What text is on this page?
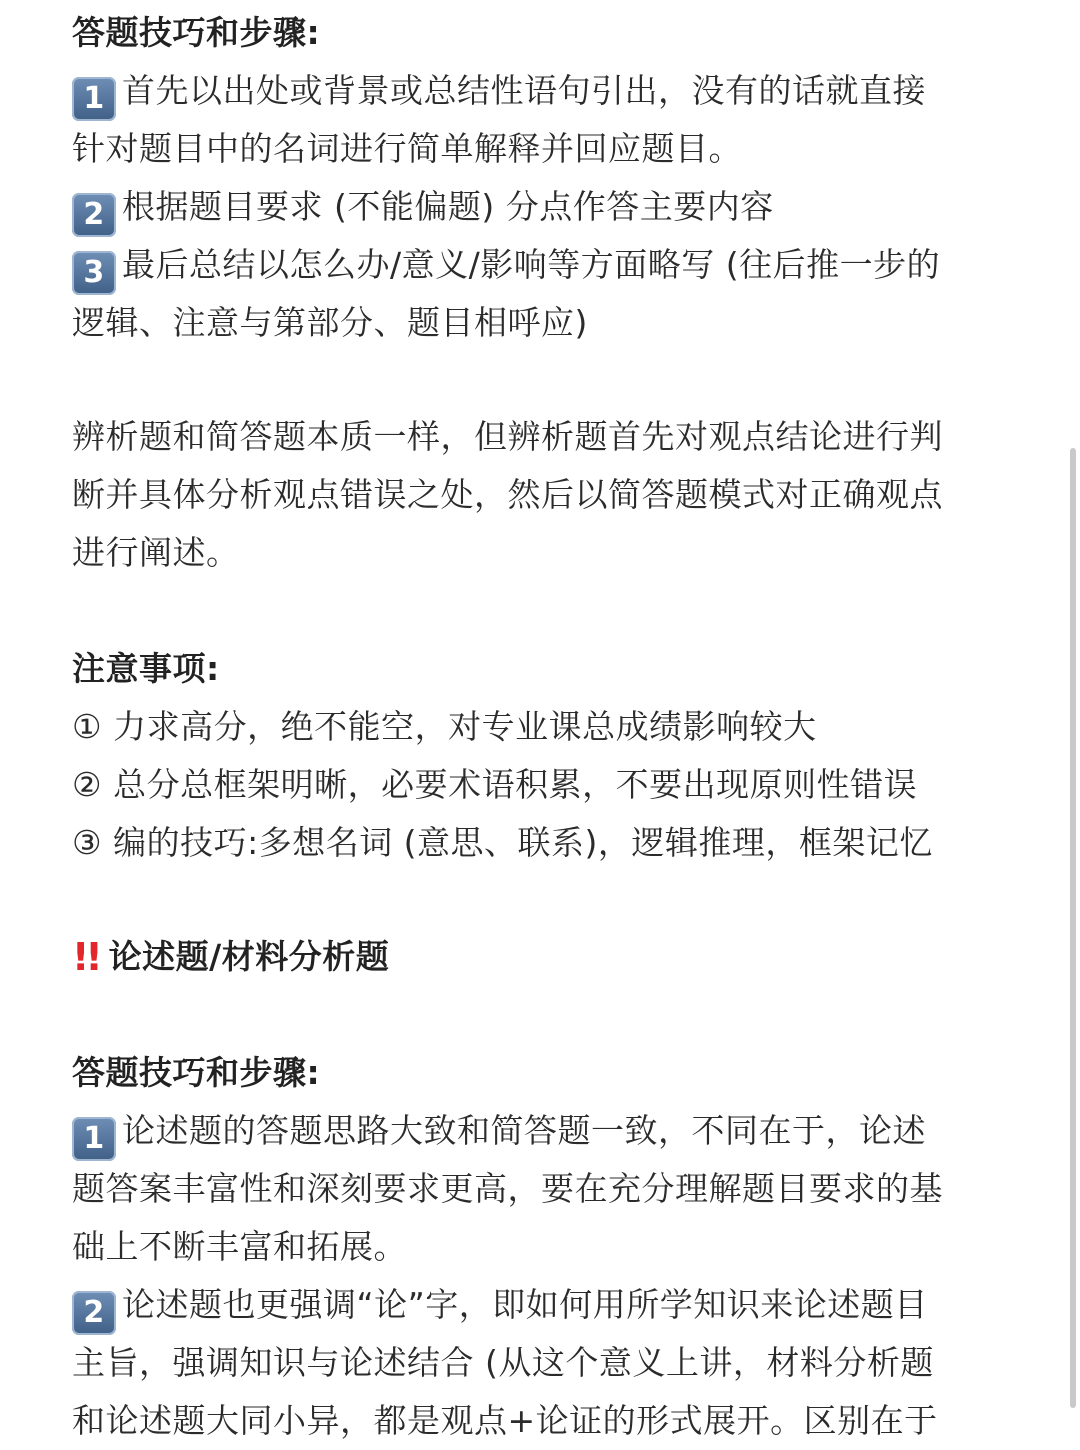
答题技巧和步骤:
1 首先以出处或背景或总结性语句引出，没有的话就直接
针对题目中的名词进行简单解释并回应题目。
2 根据题目要求 (不能偏题) 分点作答主要内容
3 最后总结以怎么办/意义/影响等方面略写 (往后推一步的
逻辑、注意与第部分、题目相呼应)
辨析题和简答题本质一样，但辨析题首先对观点结论进行判
断并具体分析观点错误之处，然后以简答题模式对正确观点
进行阐述。
注意事项:
① 力求高分，绝不能空，对专业课总成绩影响较大
② 总分总框架明晰，必要术语积累，不要出现原则性错误
③ 编的技巧:多想名词 (意思、联系)，逻辑推理，框架记忆
!! 论述题/材料分析题
答题技巧和步骤:
1 论述题的答题思路大致和简答题一致，不同在于，论述
题答案丰富性和深刻要求更高，要在充分理解题目要求的基
础上不断丰富和拓展。
2 论述题也更强调“论”字，即如何用所学知识来论述题目
主旨，强调知识与论述结合 (从这个意义上讲，材料分析题
和论述题大同小异，都是观点+论证的形式展开。区别在于
